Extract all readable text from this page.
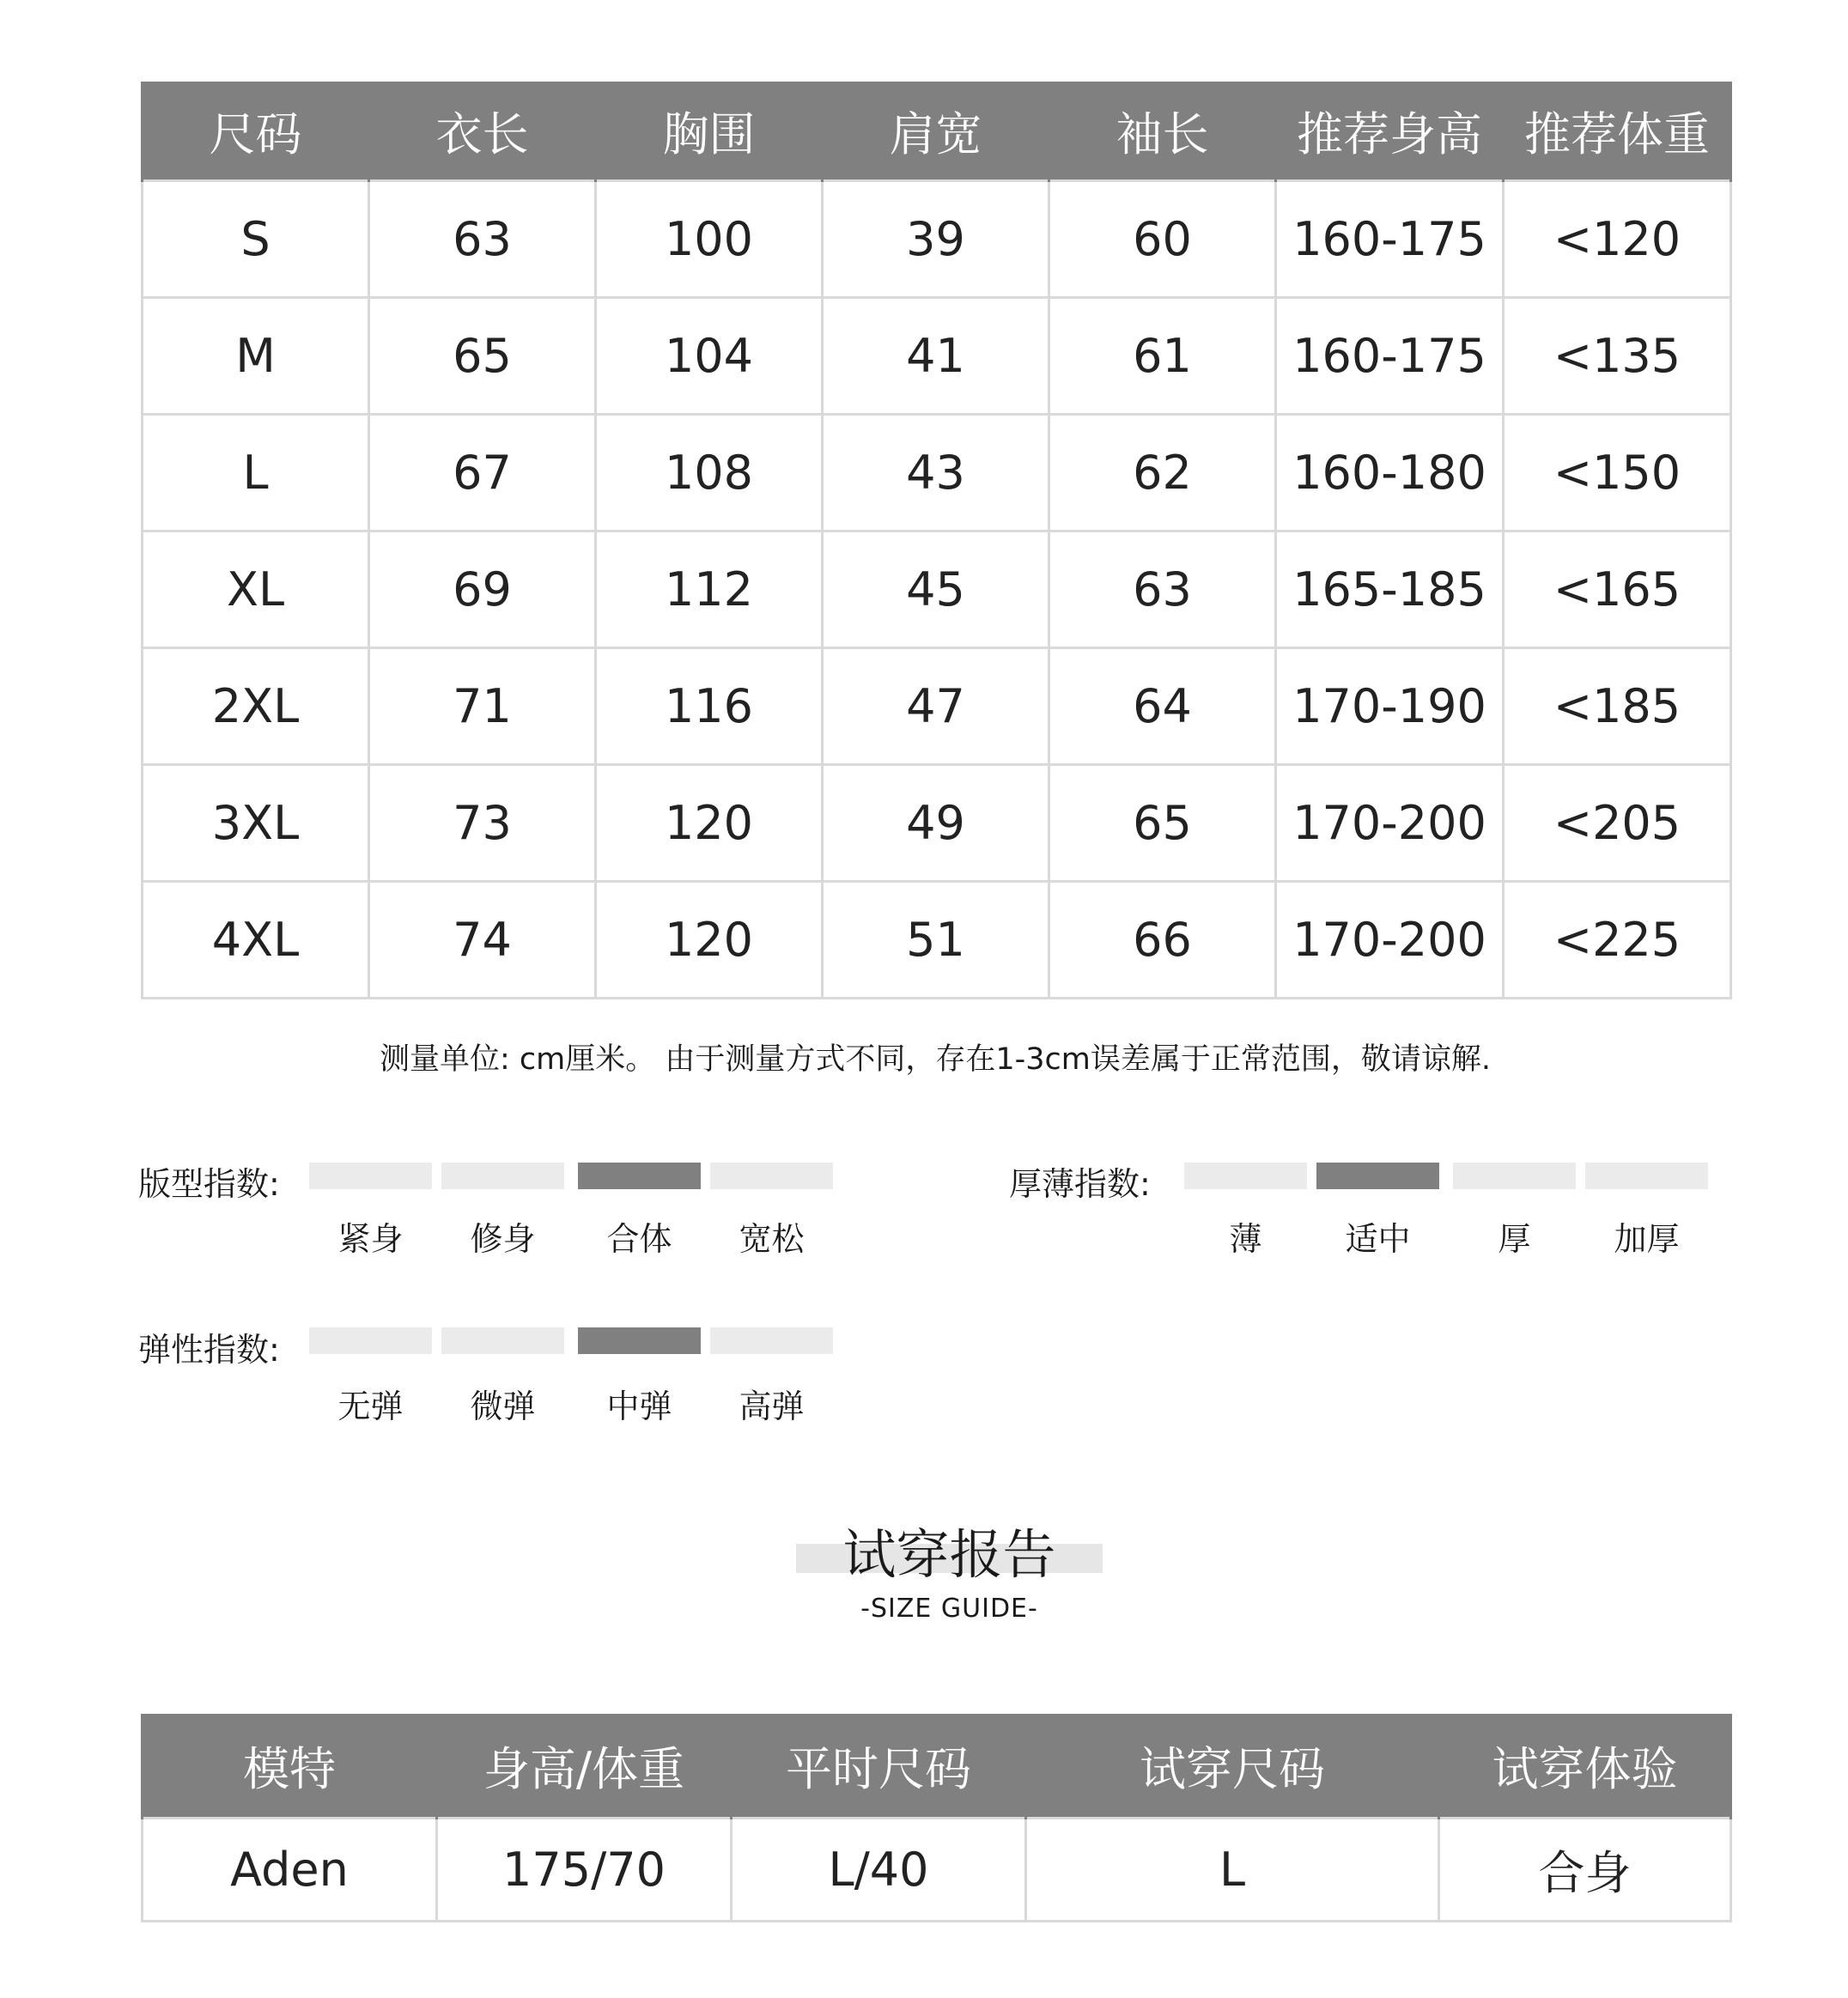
尺码	衣长	胸围	肩宽	袖长	推荐身高	推荐体重
S	63	100	39	60	160-175	<120
M	65	104	41	61	160-175	<135
L	67	108	43	62	160-180	<150
XL	69	112	45	63	165-185	<165
2XL	71	116	47	64	170-190	<185
3XL	73	120	49	65	170-200	<205
4XL	74	120	51	66	170-200	<225
测量单位: cm厘米。 由于测量方式不同，存在1-3cm误差属于正常范围，敬请谅解.
版型指数:
紧身	修身	合体	宽松
厚薄指数:
薄	适中	厚	加厚
弹性指数:
无弹	微弹	中弹	高弹
试穿报告
-SIZE GUIDE-
模特	身高/体重	平时尺码	试穿尺码	试穿体验
Aden	175/70	L/40	L	合身
